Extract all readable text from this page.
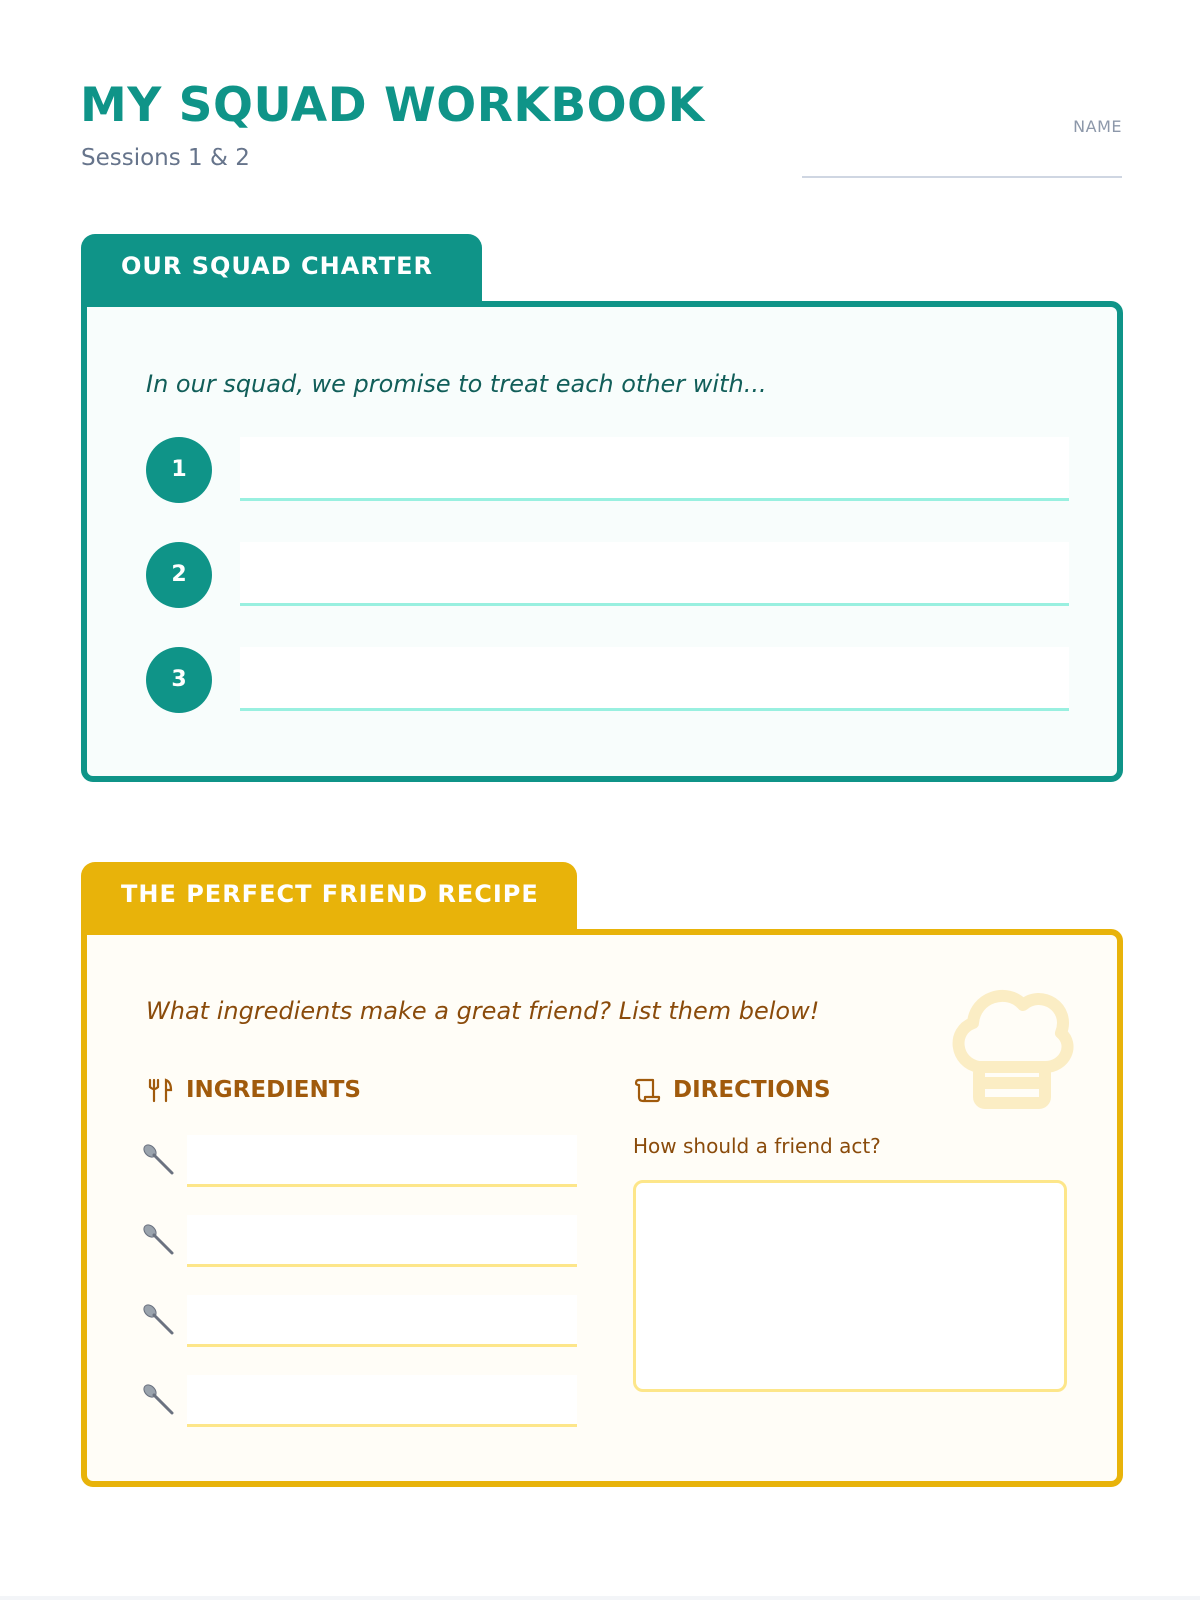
MY SQUAD WORKBOOK
Sessions 1 & 2
NAME
OUR SQUAD CHARTER
In our squad, we promise to treat each other with...
1
2
3
THE PERFECT FRIEND RECIPE
What ingredients make a great friend? List them below!
INGREDIENTS	DIRECTIONS
How should a friend act?
